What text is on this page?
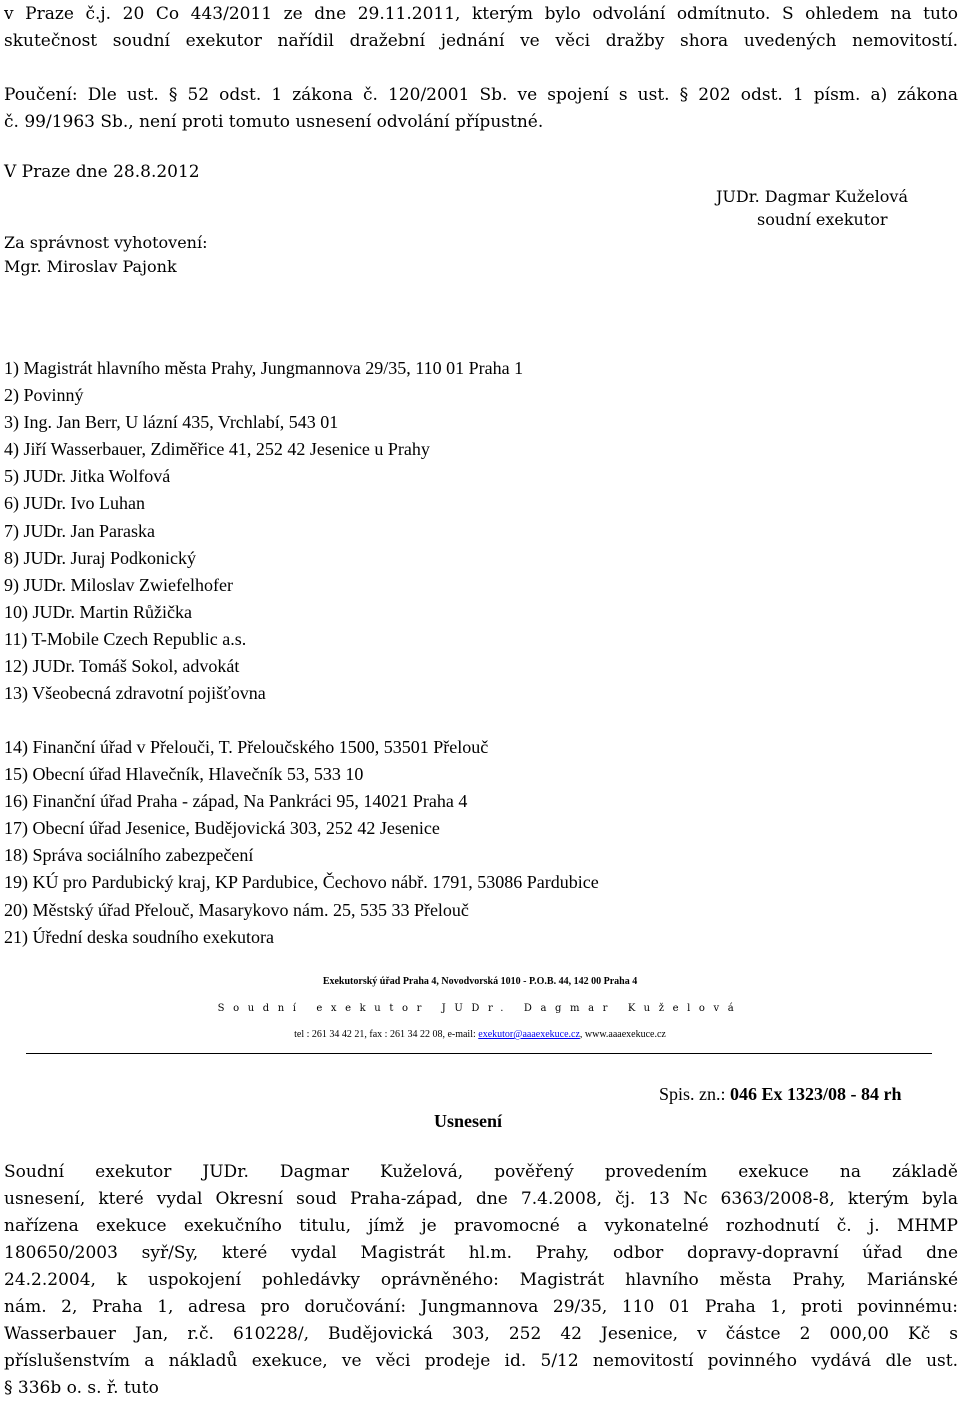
v Praze č.j. 20 Co 443/2011 ze dne 29.11.2011, kterým bylo odvolání odmítnuto. S ohledem na tuto
skutečnost soudní exekutor nařídil dražební jednání ve věci dražby shora uvedených nemovitostí.
Poučení: Dle ust. § 52 odst. 1 zákona č. 120/2001 Sb. ve spojení s ust. § 202 odst. 1 písm. a) zákona
č. 99/1963 Sb., není proti tomuto usnesení odvolání přípustné.
V Praze dne 28.8.2012
JUDr. Dagmar Kuželová
soudní exekutor
Za správnost vyhotovení:
Mgr. Miroslav Pajonk
1) Magistrát hlavního města Prahy, Jungmannova 29/35, 110 01 Praha 1
2) Povinný
3) Ing. Jan Berr, U lázní 435, Vrchlabí, 543 01
4) Jiří Wasserbauer, Zdiměřice 41, 252 42 Jesenice u Prahy
5) JUDr. Jitka Wolfová
6) JUDr. Ivo Luhan
7) JUDr. Jan Paraska
8) JUDr. Juraj Podkonický
9) JUDr. Miloslav Zwiefelhofer
10) JUDr. Martin Růžička
11) T-Mobile Czech Republic a.s.
12) JUDr. Tomáš Sokol, advokát
13) Všeobecná zdravotní pojišťovna
14) Finanční úřad v Přelouči, T. Přeloučského 1500, 53501 Přelouč
15) Obecní úřad Hlavečník, Hlavečník 53, 533 10
16) Finanční úřad Praha - západ, Na Pankráci 95, 14021 Praha 4
17) Obecní úřad Jesenice, Budějovická 303, 252 42 Jesenice
18) Správa sociálního zabezpečení
19) KÚ pro Pardubický kraj, KP Pardubice, Čechovo nábř. 1791, 53086 Pardubice
20) Městský úřad Přelouč, Masarykovo nám. 25, 535 33 Přelouč
21) Úřední deska soudního exekutora
Exekutorský úřad Praha 4, Novodvorská 1010 - P.O.B. 44, 142 00 Praha 4
Soudní exekutor JUDr. Dagmar Kuželová
tel : 261 34 42 21, fax : 261 34 22 08, e-mail: exekutor@aaaexekuce.cz, www.aaaexekuce.cz
Spis. zn.: 046 Ex 1323/08 - 84 rh
Usnesení
Soudní exekutor JUDr. Dagmar Kuželová, pověřený provedením exekuce na základě
usnesení, které vydal Okresní soud Praha-západ, dne 7.4.2008, čj. 13 Nc 6363/2008-8, kterým byla
nařízena exekuce exekučního titulu, jímž je pravomocné a vykonatelné rozhodnutí č. j. MHMP
180650/2003 syř/Sy, které vydal Magistrát hl.m. Prahy, odbor dopravy-dopravní úřad dne
24.2.2004, k uspokojení pohledávky oprávněného: Magistrát hlavního města Prahy, Mariánské
nám. 2, Praha 1, adresa pro doručování: Jungmannova 29/35, 110 01 Praha 1, proti povinnému:
Wasserbauer Jan, r.č. 610228/, Budějovická 303, 252 42 Jesenice, v částce 2 000,00 Kč s
příslušenstvím a nákladů exekuce, ve věci prodeje id. 5/12 nemovitostí povinného vydává dle ust.
§ 336b o. s. ř. tuto
